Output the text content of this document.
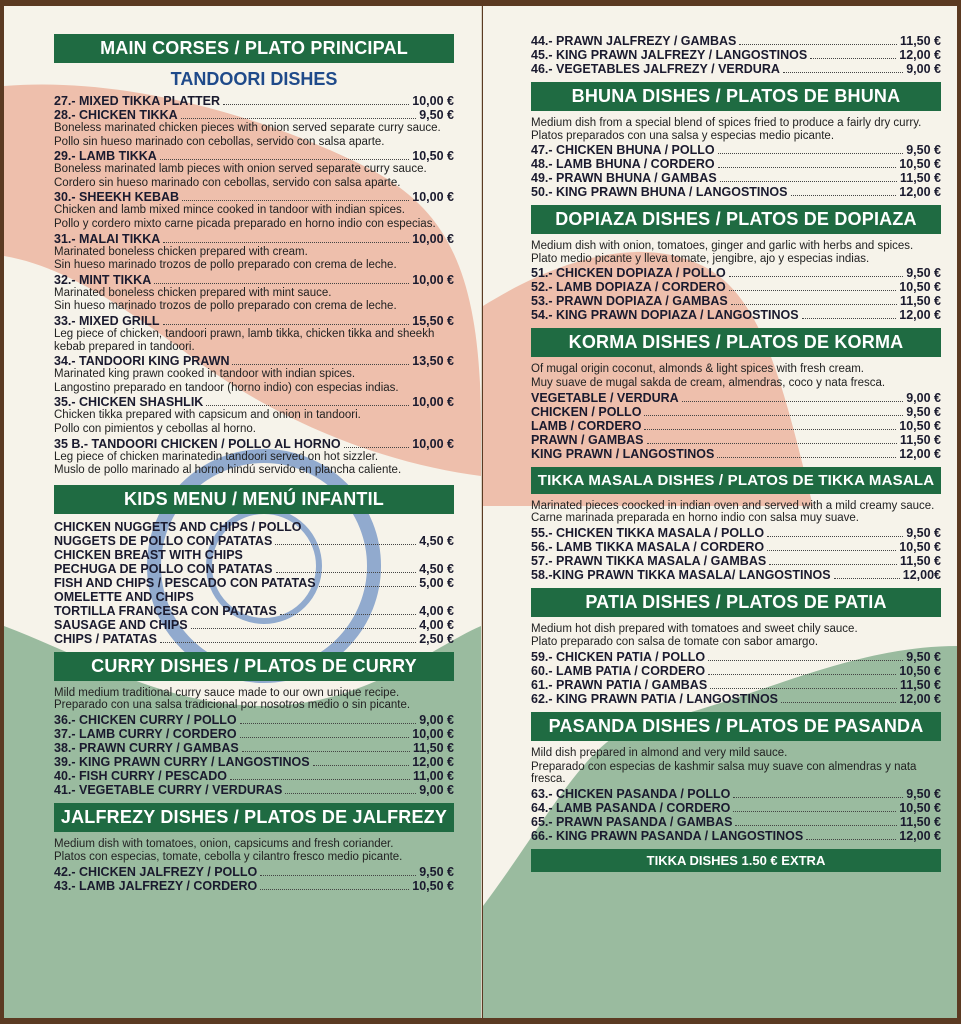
MAIN CORSES / PLATO PRINCIPAL
TANDOORI DISHES
27.- MIXED TIKKA PLATTER	10,00 €
28.- CHICKEN TIKKA	9,50 €
Boneless marinated chicken pieces with onion served separate curry sauce.
Pollo sin hueso marinado con cebollas, servido con salsa aparte.
29.- LAMB TIKKA	10,50 €
Boneless marinated lamb pieces with onion served separate curry sauce.
Cordero sin hueso marinado con cebollas, servido con salsa aparte.
30.- SHEEKH KEBAB	10,00 €
Chicken and lamb mixed mince cooked in tandoor with indian spices.
Pollo y cordero mixto carne picada preparado en horno indio con especias.
31.- MALAI TIKKA	10,00 €
Marinated boneless chicken prepared with cream.
Sin hueso marinado trozos de pollo preparado con crema de leche.
32.- MINT TIKKA	10,00 €
Marinated boneless chicken prepared with mint sauce.
Sin hueso marinado trozos de pollo preparado con crema de leche.
33.- MIXED GRILL	15,50 €
Leg piece of chicken, tandoori prawn, lamb tikka, chicken tikka and sheekh kebab prepared in tandoori.
34.- TANDOORI KING PRAWN	13,50 €
Marinated king prawn cooked in tandoor with indian spices.
Langostino preparado en tandoor (horno indio) con especias indias.
35.- CHICKEN SHASHLIK	10,00 €
Chicken tikka prepared with capsicum and onion in tandoori.
Pollo con pimientos y cebollas al horno.
35 B.- TANDOORI CHICKEN / POLLO AL HORNO	10,00 €
Leg piece of chicken marinatedin tandoori served on hot sizzler.
Muslo de pollo marinado al horno hindú servido en plancha caliente.
KIDS MENU / MENÚ INFANTIL
CHICKEN NUGGETS AND CHIPS / POLLO
NUGGETS DE POLLO CON PATATAS	4,50 €
CHICKEN BREAST WITH CHIPS
PECHUGA DE POLLO CON PATATAS	4,50 €
FISH AND CHIPS / PESCADO CON PATATAS	5,00 €
OMELETTE AND CHIPS
TORTILLA FRANCESA CON PATATAS	4,00 €
SAUSAGE AND CHIPS	4,00 €
CHIPS / PATATAS	2,50 €
CURRY DISHES / PLATOS DE CURRY
Mild medium traditional curry sauce made to our own unique recipe. Preparado con una salsa tradicional por nosotros medio o sin picante.
36.- CHICKEN CURRY / POLLO	9,00 €
37.- LAMB CURRY / CORDERO	10,00 €
38.- PRAWN CURRY / GAMBAS	11,50 €
39.- KING PRAWN CURRY / LANGOSTINOS	12,00 €
40.- FISH CURRY / PESCADO	11,00 €
41.- VEGETABLE CURRY / VERDURAS	9,00 €
JALFREZY DISHES / PLATOS DE JALFREZY
Medium dish with tomatoes, onion, capsicums and fresh coriander.
Platos con especias, tomate, cebolla y cilantro fresco medio picante.
42.- CHICKEN JALFREZY / POLLO	9,50 €
43.- LAMB JALFREZY / CORDERO	10,50 €
44.- PRAWN JALFREZY / GAMBAS	11,50 €
45.- KING PRAWN JALFREZY / LANGOSTINOS	12,00 €
46.- VEGETABLES JALFREZY / VERDURA	9,00 €
BHUNA DISHES / PLATOS DE BHUNA
Medium dish from a special blend of spices fried to produce a fairly dry curry. Platos preparados con una salsa y especias medio picante.
47.- CHICKEN BHUNA / POLLO	9,50 €
48.- LAMB BHUNA / CORDERO	10,50 €
49.- PRAWN BHUNA / GAMBAS	11,50 €
50.- KING PRAWN BHUNA / LANGOSTINOS	12,00 €
DOPIAZA DISHES / PLATOS DE DOPIAZA
Medium dish with onion, tomatoes, ginger and garlic with herbs and spices. Plato medio picante y lleva tomate, jengibre, ajo y especias indias.
51.- CHICKEN DOPIAZA / POLLO	9,50 €
52.- LAMB DOPIAZA / CORDERO	10,50 €
53.- PRAWN DOPIAZA / GAMBAS	11,50 €
54.- KING PRAWN DOPIAZA / LANGOSTINOS	12,00 €
KORMA DISHES / PLATOS DE KORMA
Of mugal origin coconut, almonds & light spices with fresh cream.
Muy suave de mugal sakda de cream, almendras, coco y nata fresca.
VEGETABLE / VERDURA	9,00 €
CHICKEN / POLLO	9,50 €
LAMB / CORDERO	10,50 €
PRAWN / GAMBAS	11,50 €
KING PRAWN / LANGOSTINOS	12,00 €
TIKKA MASALA DISHES / PLATOS DE TIKKA MASALA
Marinated pieces coocked in indian oven and served with a mild creamy sauce. Carne marinada preparada en horno indio con salsa muy suave.
55.- CHICKEN TIKKA MASALA / POLLO	9,50 €
56.- LAMB TIKKA MASALA / CORDERO	10,50 €
57.- PRAWN TIKKA MASALA / GAMBAS	11,50 €
58.-KING PRAWN TIKKA MASALA/ LANGOSTINOS	12,00€
PATIA DISHES / PLATOS DE PATIA
Medium hot dish prepared with tomatoes and sweet chily sauce.
Plato preparado con salsa de tomate con sabor amargo.
59.- CHICKEN PATIA / POLLO	9,50 €
60.- LAMB PATIA / CORDERO	10,50 €
61.- PRAWN PATIA / GAMBAS	11,50 €
62.- KING PRAWN PATIA / LANGOSTINOS	12,00 €
PASANDA DISHES / PLATOS DE PASANDA
Mild dish prepared in almond and very mild sauce.
Preparado con especias de kashmir salsa muy suave con almendras y nata fresca.
63.- CHICKEN PASANDA / POLLO	9,50 €
64.- LAMB PASANDA / CORDERO	10,50 €
65.- PRAWN PASANDA / GAMBAS	11,50 €
66.- KING PRAWN PASANDA / LANGOSTINOS	12,00 €
TIKKA DISHES 1.50 € EXTRA
